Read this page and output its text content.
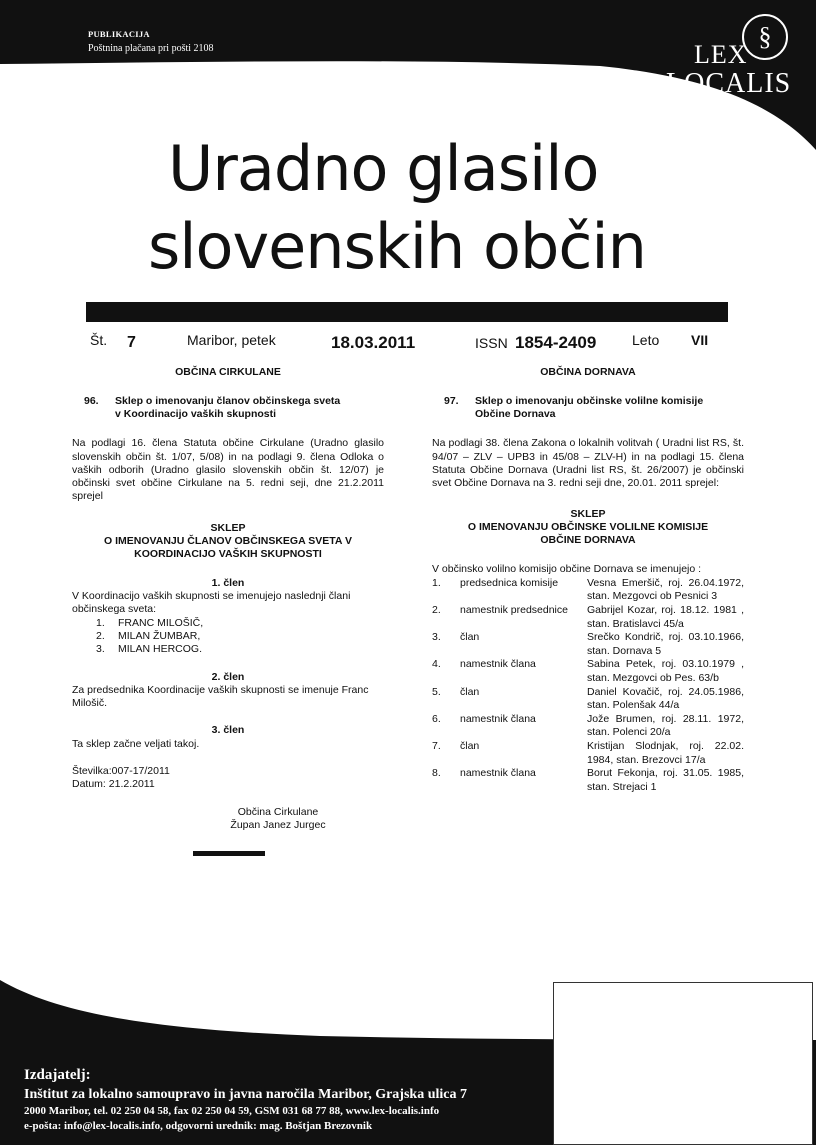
PUBLIKACIJA
Poštnina plačana pri pošti 2108	§
LEX
LOCALIS
Uradno glasilo
slovenskih občin
Št. 7	Maribor, petek	18.03.2011	ISSN 1854-2409	Leto VII
OBČINA CIRKULANE
96. Sklep o imenovanju članov občinskega sveta
v Koordinacijo vaških skupnosti
Na podlagi 16. člena Statuta občine Cirkulane (Uradno glasilo slovenskih občin št. 1/07, 5/08) in na podlagi 9. člena Odloka o vaških odborih (Uradno glasilo slovenskih občin št. 12/07) je občinski svet občine Cirkulane na 5. redni seji, dne 21.2.2011 sprejel
SKLEP
O IMENOVANJU ČLANOV OBČINSKEGA SVETA V
KOORDINACIJO VAŠKIH SKUPNOSTI
1. člen
V Koordinacijo vaških skupnosti se imenujejo naslednji člani občinskega sveta:
1. FRANC MILOŠIČ,
2. MILAN ŽUMBAR,
3. MILAN HERCOG.
2. člen
Za predsednika Koordinacije vaških skupnosti se imenuje Franc Milošič.
3. člen
Ta sklep začne veljati takoj.
Številka:007-17/2011
Datum: 21.2.2011
Občina Cirkulane
Župan Janez Jurgec
OBČINA DORNAVA
97. Sklep o imenovanju občinske volilne komisije
Občine Dornava
Na podlagi 38. člena Zakona o lokalnih volitvah ( Uradni list RS, št. 94/07 – ZLV – UPB3 in 45/08 – ZLV-H) in na podlagi 15. člena Statuta Občine Dornava (Uradni list RS, št. 26/2007) je občinski svet Občine Dornava na 3. redni seji dne, 20.01. 2011 sprejel:
SKLEP
O IMENOVANJU OBČINSKE VOLILNE KOMISIJE
OBČINE DORNAVA
V občinsko volilno komisijo občine Dornava se imenujejo :
1.	predsednica komisije	Vesna Emeršič, roj. 26.04.1972, stan. Mezgovci ob Pesnici 3
2.	namestnik predsednice	Gabrijel Kozar, roj. 18.12. 1981 , stan. Bratislavci 45/a
3.	član	Srečko Kondrič, roj. 03.10.1966, stan. Dornava 5
4.	namestnik člana	Sabina Petek, roj. 03.10.1979 , stan. Mezgovci ob Pes. 63/b
5.	član	Daniel Kovačič, roj. 24.05.1986, stan. Polenšak 44/a
6.	namestnik člana	Jože Brumen, roj. 28.11. 1972, stan. Polenci 20/a
7.	član	Kristijan Slodnjak, roj. 22.02. 1984, stan. Brezovci 17/a
8.	namestnik člana	Borut Fekonja, roj. 31.05. 1985, stan. Strejaci 1
Izdajatelj:
Inštitut za lokalno samoupravo in javna naročila Maribor, Grajska ulica 7
2000 Maribor, tel. 02 250 04 58, fax 02 250 04 59, GSM 031 68 77 88, www.lex-localis.info
e-pošta: info@lex-localis.info, odgovorni urednik: mag. Boštjan Brezovnik
